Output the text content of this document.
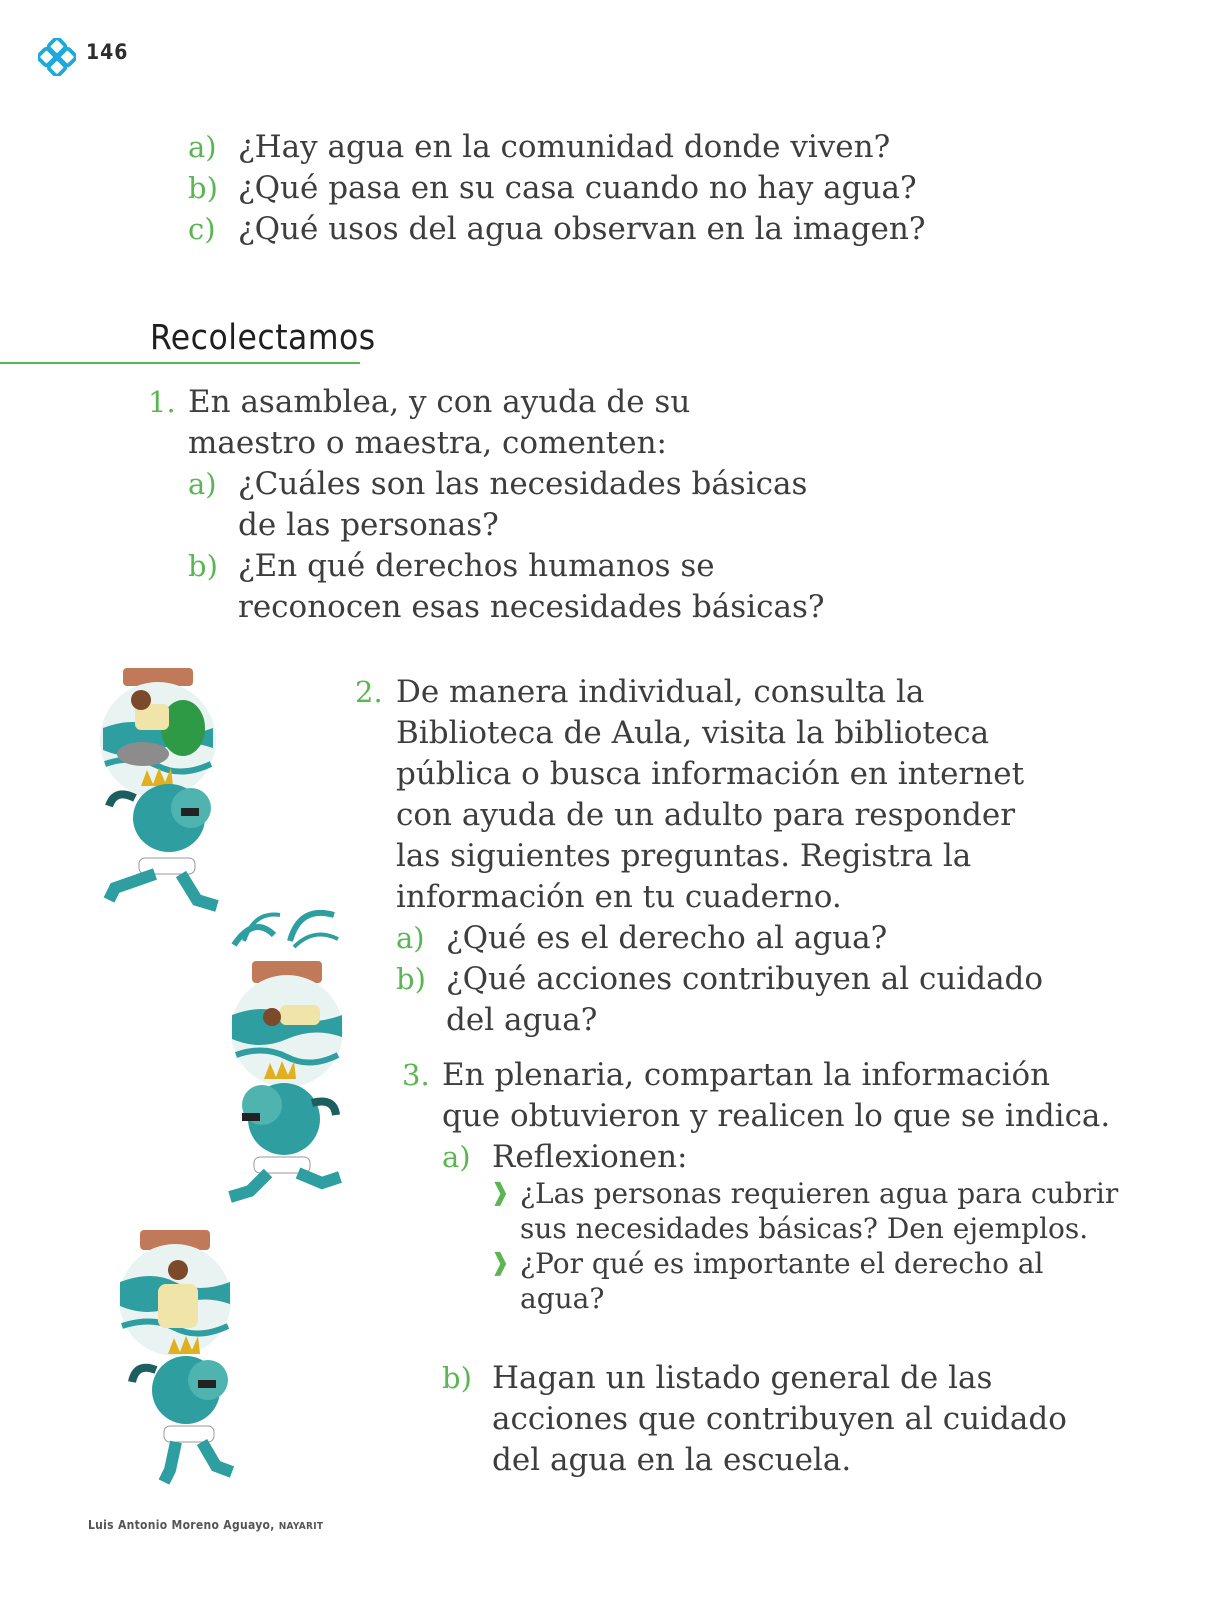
146
a) ¿Hay agua en la comunidad donde viven?
b) ¿Qué pasa en su casa cuando no hay agua?
c) ¿Qué usos del agua observan en la imagen?
Recolectamos
1. En asamblea, y con ayuda de su
maestro o maestra, comenten:
a) ¿Cuáles son las necesidades básicas
de las personas?
b) ¿En qué derechos humanos se
reconocen esas necesidades básicas?
2. De manera individual, consulta la
Biblioteca de Aula, visita la biblioteca
pública o busca información en internet
con ayuda de un adulto para responder
las siguientes preguntas. Registra la
información en tu cuaderno.
a) ¿Qué es el derecho al agua?
b) ¿Qué acciones contribuyen al cuidado
del agua?
3. En plenaria, compartan la información
que obtuvieron y realicen lo que se indica.
a) Reflexionen:
❱ ¿Las personas requieren agua para cubrir
sus necesidades básicas? Den ejemplos.
❱ ¿Por qué es importante el derecho al
agua?
b) Hagan un listado general de las
acciones que contribuyen al cuidado
del agua en la escuela.
Luis Antonio Moreno Aguayo, NAYARIT
